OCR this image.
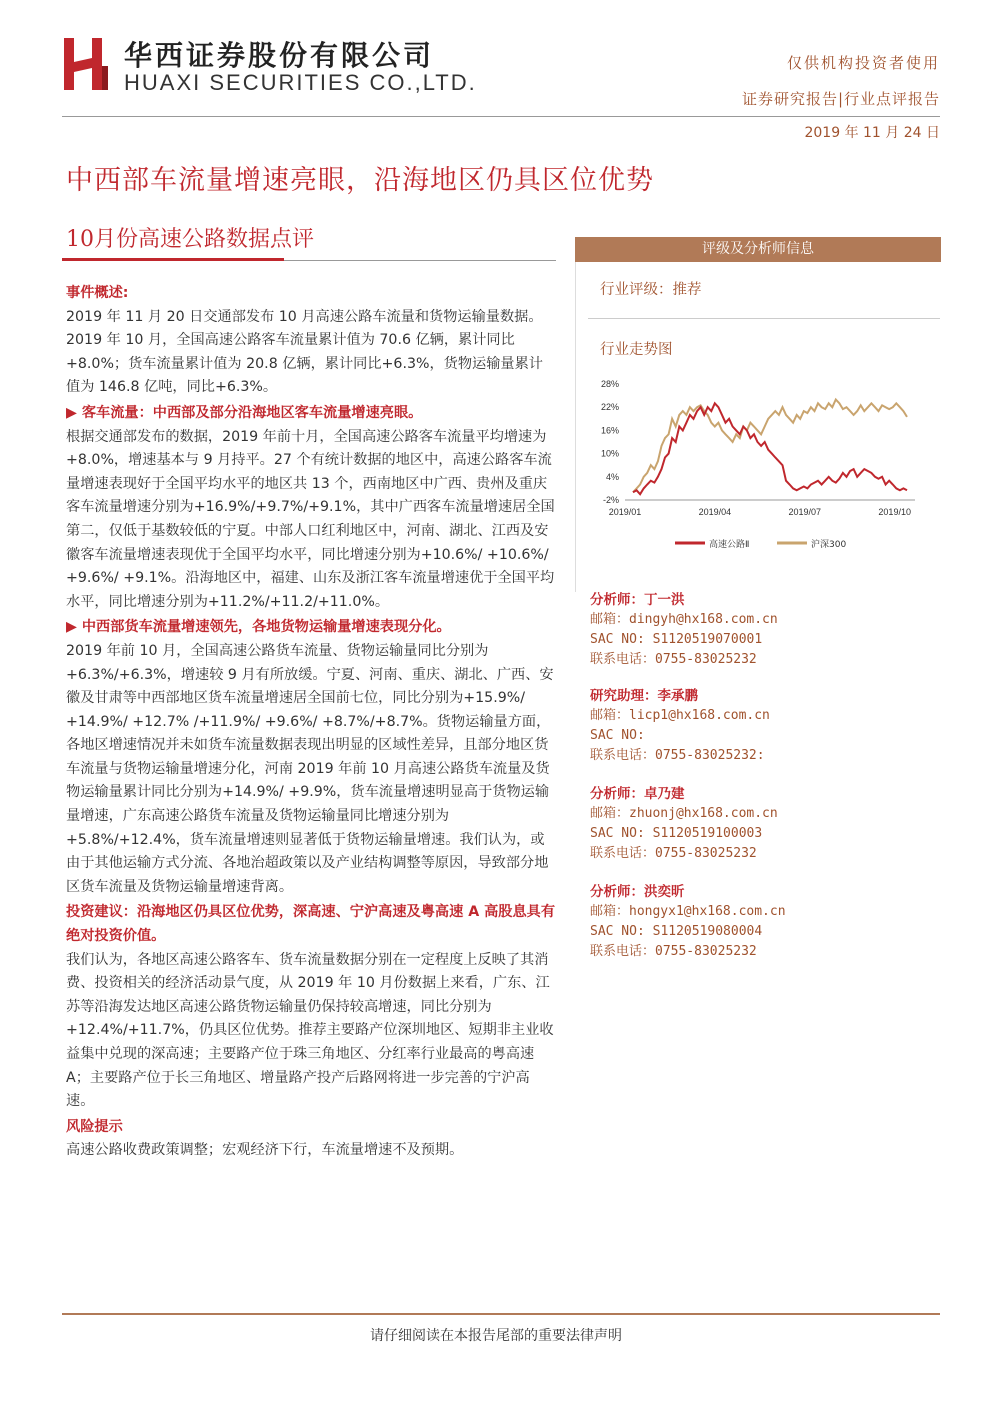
华西证券股份有限公司
HUAXI SECURITIES CO.,LTD.
仅供机构投资者使用
证券研究报告|行业点评报告
2019 年 11 月 24 日
中西部车流量增速亮眼，沿海地区仍具区位优势
10月份高速公路数据点评

事件概述:

2019 年 11 月 20 日交通部发布 10 月高速公路车流量和货物运输量数据。2019 年 10 月，全国高速公路客车流量累计值为 70.6 亿辆，累计同比+8.0%；货车流量累计值为 20.8 亿辆，累计同比+6.3%，货物运输量累计值为 146.8 亿吨，同比+6.3%。

▶ 客车流量：中西部及部分沿海地区客车流量增速亮眼。

根据交通部发布的数据，2019 年前十月，全国高速公路客车流量平均增速为+8.0%，增速基本与 9 月持平。27 个有统计数据的地区中，高速公路客车流量增速表现好于全国平均水平的地区共 13 个，西南地区中广西、贵州及重庆客车流量增速分别为+16.9%/+9.7%/+9.1%，其中广西客车流量增速居全国第二，仅低于基数较低的宁夏。中部人口红利地区中，河南、湖北、江西及安徽客车流量增速表现优于全国平均水平，同比增速分别为+10.6%/ +10.6%/ +9.6%/ +9.1%。沿海地区中，福建、山东及浙江客车流量增速优于全国平均水平，同比增速分别为+11.2%/+11.2/+11.0%。

▶ 中西部货车流量增速领先，各地货物运输量增速表现分化。

2019 年前 10 月，全国高速公路货车流量、货物运输量同比分别为+6.3%/+6.3%，增速较 9 月有所放缓。宁夏、河南、重庆、湖北、广西、安徽及甘肃等中西部地区货车流量增速居全国前七位，同比分别为+15.9%/ +14.9%/ +12.7% /+11.9%/ +9.6%/ +8.7%/+8.7%。货物运输量方面，各地区增速情况并未如货车流量数据表现出明显的区域性差异，且部分地区货车流量与货物运输量增速分化，河南 2019 年前 10 月高速公路货车流量及货物运输量累计同比分别为+14.9%/ +9.9%，货车流量增速明显高于货物运输量增速，广东高速公路货车流量及货物运输量同比增速分别为+5.8%/+12.4%，货车流量增速则显著低于货物运输量增速。我们认为，或由于其他运输方式分流、各地治超政策以及产业结构调整等原因，导致部分地区货车流量及货物运输量增速背离。

投资建议：沿海地区仍具区位优势，深高速、宁沪高速及粤高速 A 高股息具有绝对投资价值。

我们认为，各地区高速公路客车、货车流量数据分别在一定程度上反映了其消费、投资相关的经济活动景气度，从 2019 年 10 月份数据上来看，广东、江苏等沿海发达地区高速公路货物运输量仍保持较高增速，同比分别为+12.4%/+11.7%，仍具区位优势。推荐主要路产位深圳地区、短期非主业收益集中兑现的深高速；主要路产位于珠三角地区、分红率行业最高的粤高速 A；主要路产位于长三角地区、增量路产投产后路网将进一步完善的宁沪高速。

风险提示

高速公路收费政策调整；宏观经济下行，车流量增速不及预期。

评级及分析师信息
行业评级：推荐
行业走势图
28%
22%
16%
10%
4%
-2%
2019/01	2019/04	2019/07	2019/10
高速公路Ⅱ	沪深300
分析师：丁一洪
邮箱：dingyh@hx168.com.cn
SAC NO: S1120519070001
联系电话：0755-83025232
研究助理：李承鹏
邮箱：licp1@hx168.com.cn
SAC NO:
联系电话：0755-83025232:
分析师：卓乃建
邮箱：zhuonj@hx168.com.cn
SAC NO: S1120519100003
联系电话：0755-83025232
分析师：洪奕昕
邮箱：hongyx1@hx168.com.cn
SAC NO: S1120519080004
联系电话：0755-83025232
请仔细阅读在本报告尾部的重要法律声明
